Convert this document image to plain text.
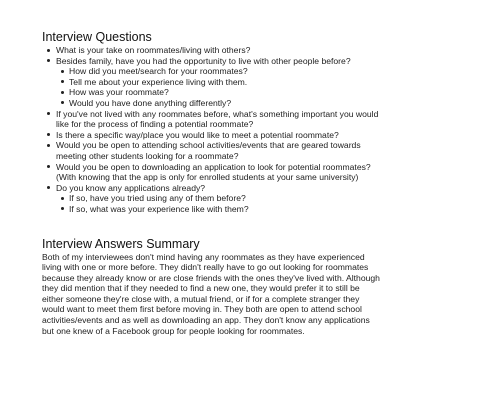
Interview Questions
What is your take on roommates/living with others?
Besides family, have you had the opportunity to live with other people before?
How did you meet/search for your roommates?
Tell me about your experience living with them.
How was your roommate?
Would you have done anything differently?
If you've not lived with any roommates before, what's something important you would like for the process of finding a potential roommate?
Is there a specific way/place you would like to meet a potential roommate?
Would you be open to attending school activities/events that are geared towards meeting other students looking for a roommate?
Would you be open to downloading an application to look for potential roommates? (With knowing that the app is only for enrolled students at your same university)
Do you know any applications already?
If so, have you tried using any of them before?
If so, what was your experience like with them?
Interview Answers Summary

Both of my interviewees don't mind having any roommates as they have experienced living with one or more before. They didn't really have to go out looking for roommates because they already know or are close friends with the ones they've lived with. Although they did mention that if they needed to find a new one, they would prefer it to still be either someone they're close with, a mutual friend, or if for a complete stranger they would want to meet them first before moving in. They both are open to attend school activities/events and as well as downloading an app. They don't know any applications but one knew of a Facebook group for people looking for roommates.
